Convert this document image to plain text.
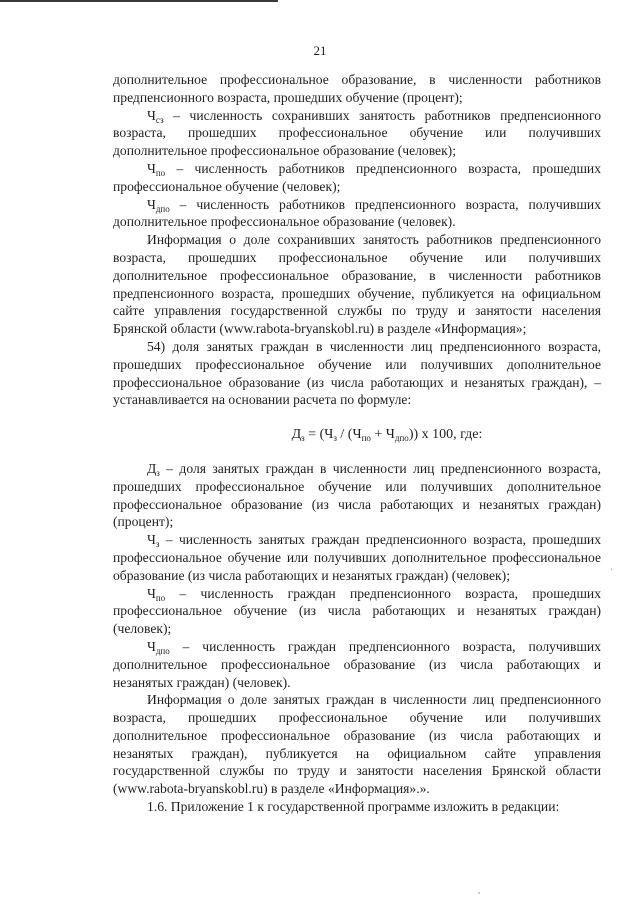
21

дополнительное профессиональное образование, в численности работников предпенсионного возраста, прошедших обучение (процент);

$Ч_{сз}$ – численность сохранивших занятость работников предпенсионного возраста, прошедших профессиональное обучение или получивших дополнительное профессиональное образование (человек);

$Ч_{по}$ – численность работников предпенсионного возраста, прошедших профессиональное обучение (человек);

$Ч_{дпо}$ – численность работников предпенсионного возраста, получивших дополнительное профессиональное образование (человек).

Информация о доле сохранивших занятость работников предпенсионного возраста, прошедших профессиональное обучение или получивших дополнительное профессиональное образование, в численности работников предпенсионного возраста, прошедших обучение, публикуется на официальном сайте управления государственной службы по труду и занятости населения Брянской области (www.rabota-bryanskobl.ru) в разделе «Информация»;

54) доля занятых граждан в численности лиц предпенсионного возраста, прошедших профессиональное обучение или получивших дополнительное профессиональное образование (из числа работающих и незанятых граждан), – устанавливается на основании расчета по формуле:

$Д_з = (Ч_з / (Ч_{по} + Ч_{дпо}))$ x 100, где:

$Д_з$ – доля занятых граждан в численности лиц предпенсионного возраста, прошедших профессиональное обучение или получивших дополнительное профессиональное образование (из числа работающих и незанятых граждан) (процент);

$Ч_з$ – численность занятых граждан предпенсионного возраста, прошедших профессиональное обучение или получивших дополнительное профессиональное образование (из числа работающих и незанятых граждан) (человек);

$Ч_{по}$ – численность граждан предпенсионного возраста, прошедших профессиональное обучение (из числа работающих и незанятых граждан) (человек);

$Ч_{дпо}$ – численность граждан предпенсионного возраста, получивших дополнительное профессиональное образование (из числа работающих и незанятых граждан) (человек).

Информация о доле занятых граждан в численности лиц предпенсионного возраста, прошедших профессиональное обучение или получивших дополнительное профессиональное образование (из числа работающих и незанятых граждан), публикуется на официальном сайте управления государственной службы по труду и занятости населения Брянской области (www.rabota-bryanskobl.ru) в разделе «Информация».».

1.6. Приложение 1 к государственной программе изложить в редакции:
